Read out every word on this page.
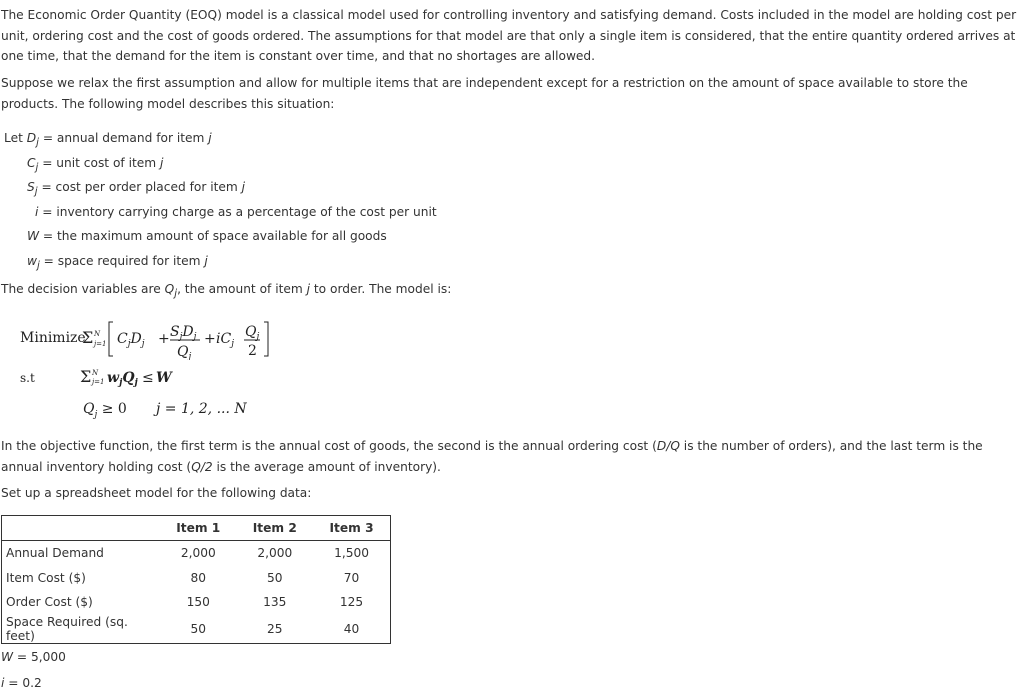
The Economic Order Quantity (EOQ) model is a classical model used for controlling inventory and satisfying demand. Costs included in the model are holding cost per unit, ordering cost and the cost of goods ordered. The assumptions for that model are that only a single item is considered, that the entire quantity ordered arrives at one time, that the demand for the item is constant over time, and that no shortages are allowed.

Suppose we relax the first assumption and allow for multiple items that are independent except for a restriction on the amount of space available to store the products. The following model describes this situation:

Let $D_j$ = annual demand for item j
$C_j$ = unit cost of item j
$S_j = \cos t$ per order placed for item j
i = inventory carrying charge as a percentage of the cost per unit
W = the maximum amount of space available for all goods
$w_j$ = space required for item j
The decision variables are $Q_j$, the amount of item j to order. The model is:
Minimize
Σ N
j=1 $C_jD_j + S_jD_j$
$Q_j$
+ $iC_j$
$Q_j$
2
s.t	Σ N
j=1 $w_jQ_j \le W$
$Q_j \ge 0$ j = 1, 2, ... N

In the objective function, the first term is the annual cost of goods, the second is the annual ordering cost (D/Q is the number of orders), and the last term is the annual inventory holding cost (Q/2 is the average amount of inventory).

Set up a spreadsheet model for the following data:

	Item 1	Item 2	Item 3
Annual Demand	2,000	2,000	1,500
Item Cost ($)	80	50	70
Order Cost ($)	150	135	125
Space Required (sq. feet)	50	25	40
W = 5,000
i = 0.2
